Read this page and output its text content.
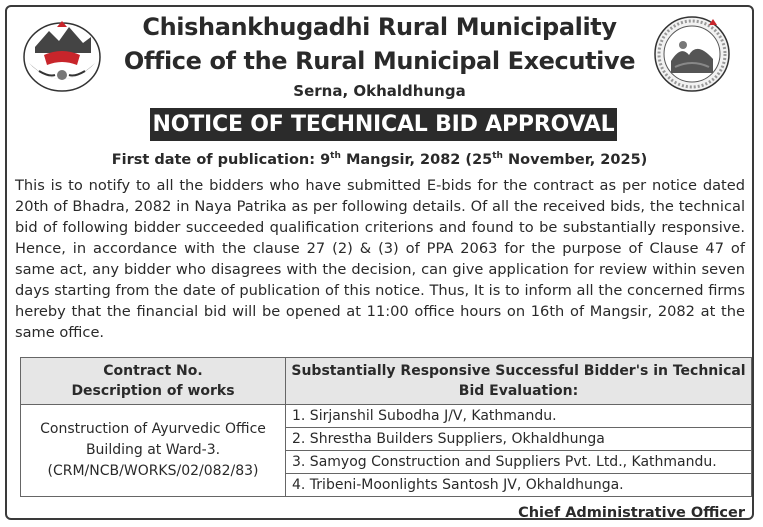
Chishankhugadhi Rural Municipality
Office of the Rural Municipal Executive
Serna, Okhaldhunga
NOTICE OF TECHNICAL BID APPROVAL
First date of publication: 9th Mangsir, 2082 (25th November, 2025)
This is to notify to all the bidders who have submitted E-bids for the contract as per notice dated 20th of Bhadra, 2082 in Naya Patrika as per following details. Of all the received bids, the technical bid of following bidder succeeded qualification criterions and found to be substantially responsive. Hence, in accordance with the clause 27 (2) & (3) of PPA 2063 for the purpose of Clause 47 of same act, any bidder who disagrees with the decision, can give application for review within seven days starting from the date of publication of this notice. Thus, It is to inform all the concerned firms hereby that the financial bid will be opened at 11:00 office hours on 16th of Mangsir, 2082 at the same office.
Contract No.
Description of works	Substantially Responsive Successful Bidder's in Technical Bid Evaluation:

Construction of Ayurvedic Office
Building at Ward-3.
(CRM/NCB/WORKS/02/082/83)	1. Sirjanshil Subodha J/V, Kathmandu.
	2. Shrestha Builders Suppliers, Okhaldhunga
	3. Samyog Construction and Suppliers Pvt. Ltd., Kathmandu.
	4. Tribeni-Moonlights Santosh JV, Okhaldhunga.
Chief Administrative Officer
